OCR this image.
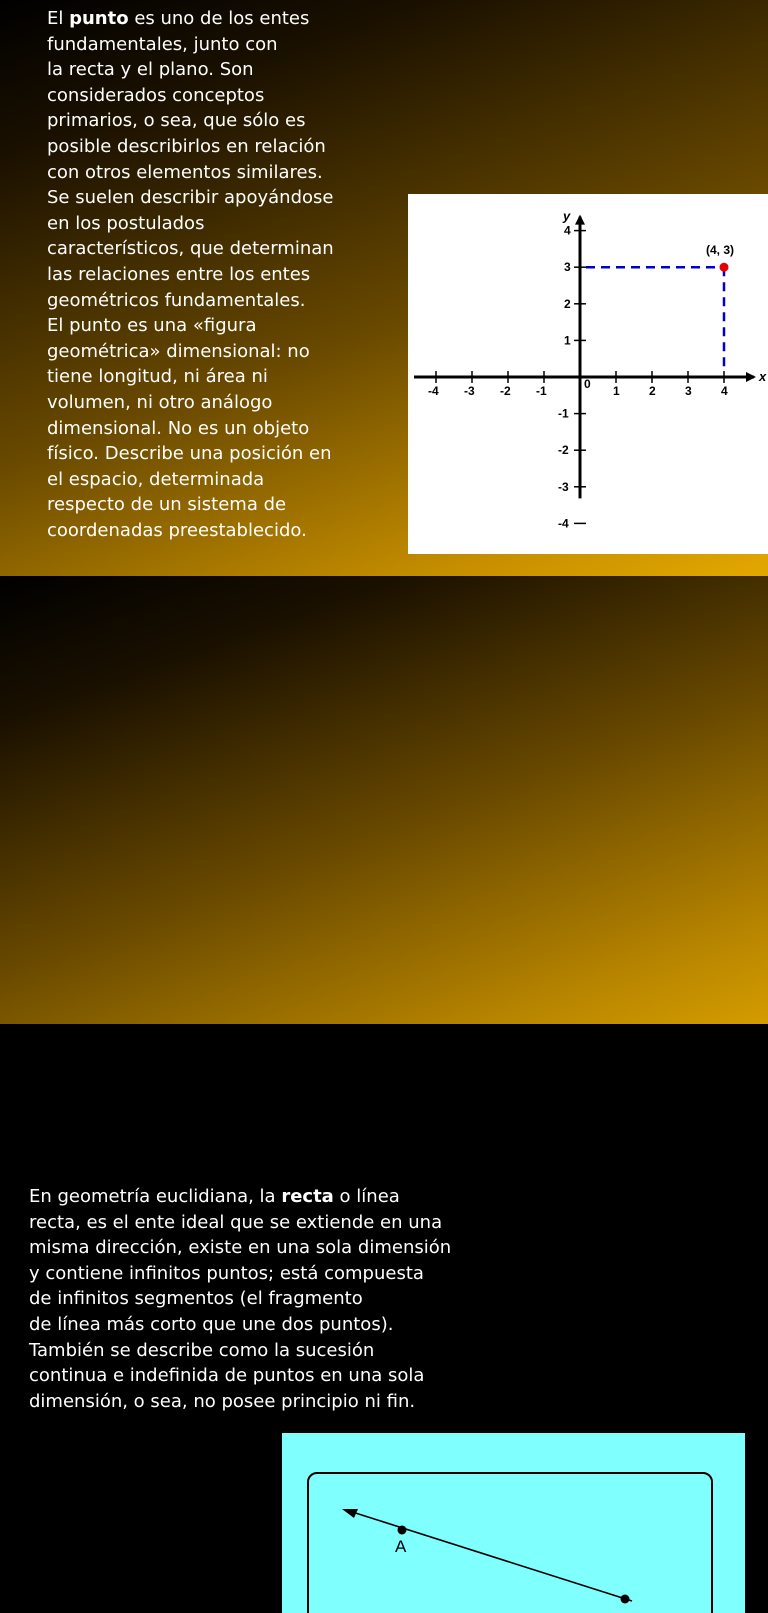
El punto es uno de los entes
fundamentales, junto con
la recta y el plano. Son
considerados conceptos
primarios, o sea, que sólo es
posible describirlos en relación
con otros elementos similares.
Se suelen describir apoyándose
en los postulados
característicos, que determinan
las relaciones entre los entes
geométricos fundamentales.
El punto es una «figura
geométrica» dimensional: no
tiene longitud, ni área ni
volumen, ni otro análogo
dimensional. No es un objeto
físico. Describe una posición en
el espacio, determinada
respecto de un sistema de
coordenadas preestablecido.
x
y
-4 -3 -2 -1	0 1 2 3 4
-4
-3
-2
-1
1
2
3
4
(4, 3)
En geometría euclidiana, la recta o línea
recta, es el ente ideal que se extiende en una
misma dirección, existe en una sola dimensión
y contiene infinitos puntos; está compuesta
de infinitos segmentos (el fragmento
de línea más corto que une dos puntos).
También se describe como la sucesión
continua e indefinida de puntos en una sola
dimensión, o sea, no posee principio ni fin.
A
